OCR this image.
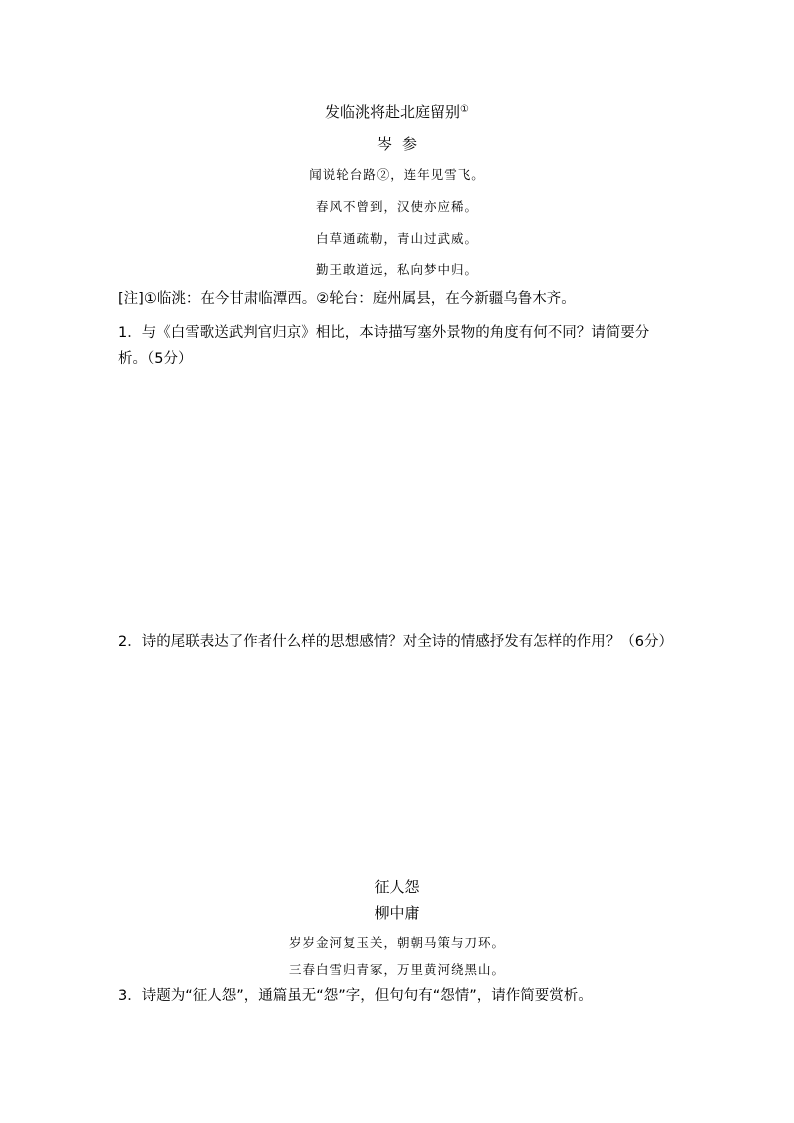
发临洮将赴北庭留别①
岑参
闻说轮台路②，连年见雪飞。
春风不曾到，汉使亦应稀。
白草通疏勒，青山过武威。
勤王敢道远，私向梦中归。
[注]①临洮：在今甘肃临潭西。②轮台：庭州属县，在今新疆乌鲁木齐。
1．与《白雪歌送武判官归京》相比，本诗描写塞外景物的角度有何不同？请简要分析。（5分）
2．诗的尾联表达了作者什么样的思想感情？对全诗的情感抒发有怎样的作用？（6分）
征人怨
柳中庸
岁岁金河复玉关，朝朝马策与刀环。
三春白雪归青冢，万里黄河绕黑山。
3．诗题为“征人怨”，通篇虽无“怨”字，但句句有“怨情”，请作简要赏析。
